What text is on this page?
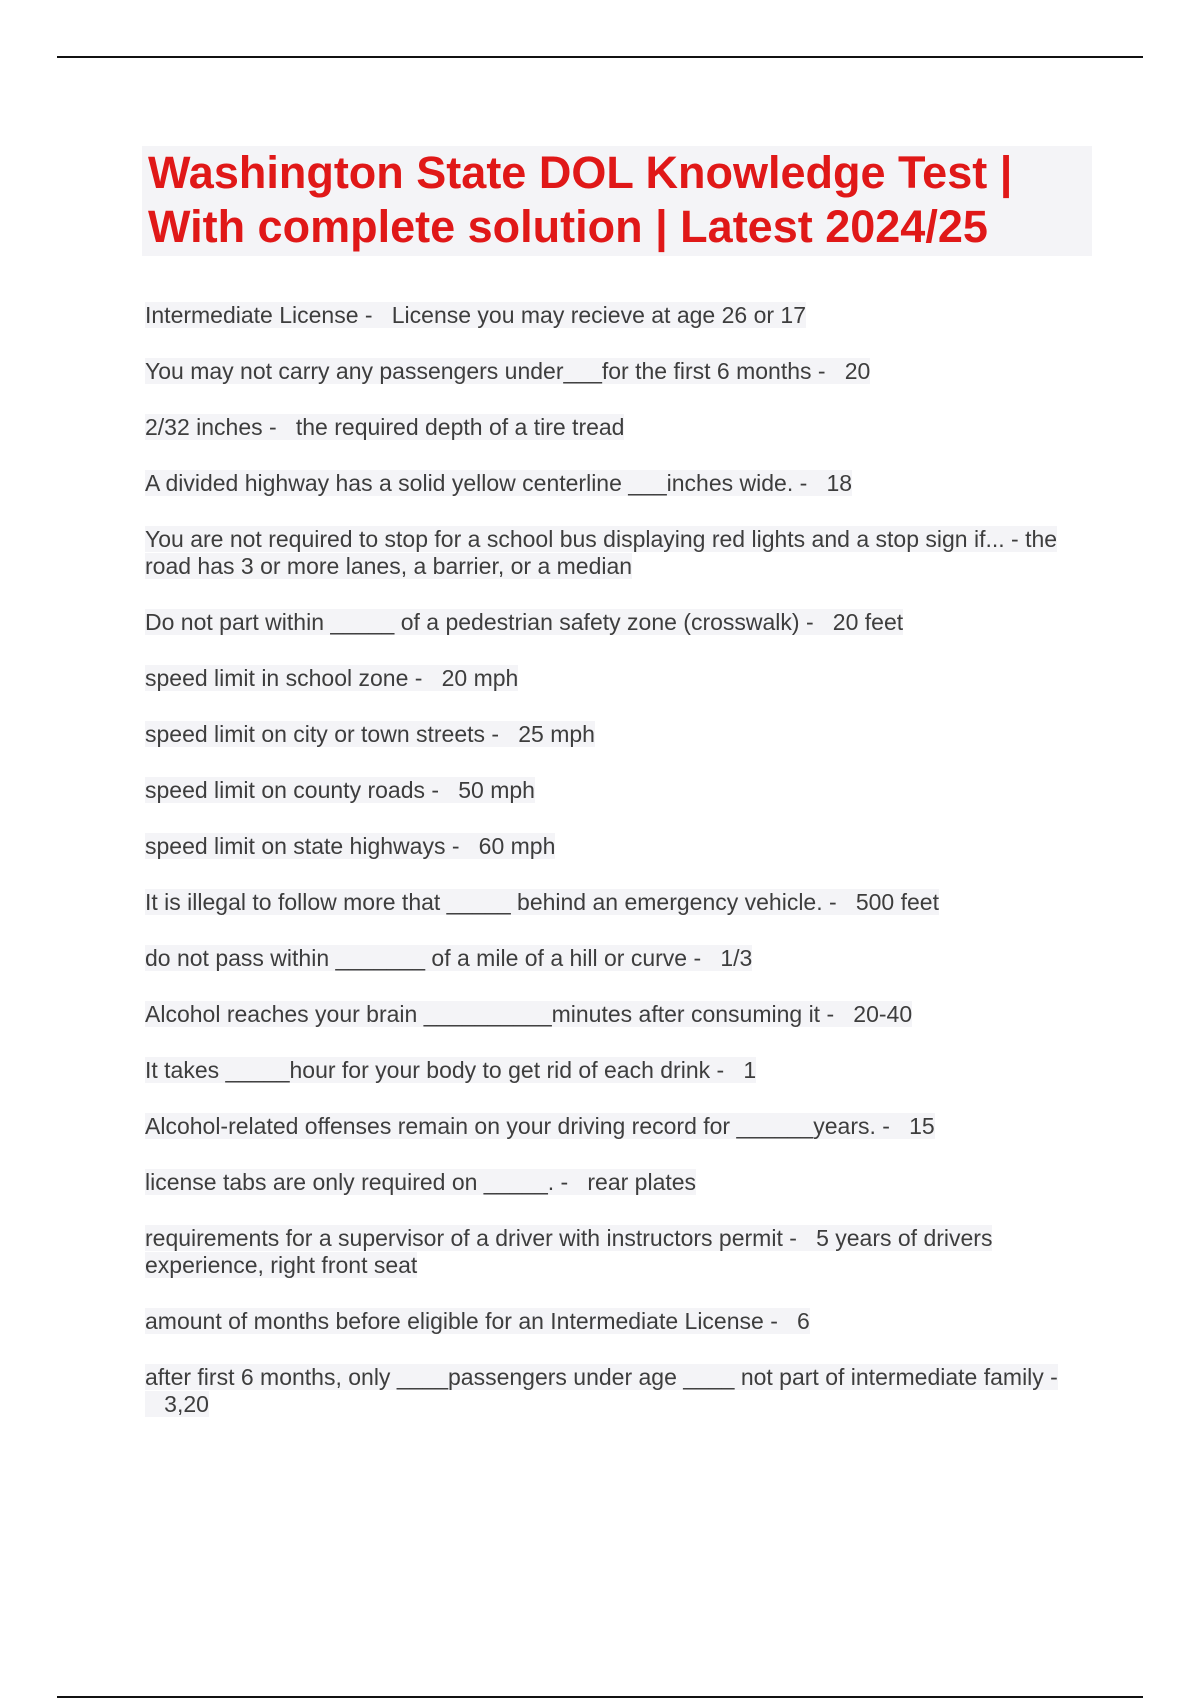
Washington State DOL Knowledge Test |
With complete solution | Latest 2024/25
Intermediate License - License you may recieve at age 26 or 17
You may not carry any passengers under___for the first 6 months - 20
2/32 inches - the required depth of a tire tread
A divided highway has a solid yellow centerline ___inches wide. - 18
You are not required to stop for a school bus displaying red lights and a stop sign if... - the road has 3 or more lanes, a barrier, or a median
Do not part within _____ of a pedestrian safety zone (crosswalk) - 20 feet
speed limit in school zone - 20 mph
speed limit on city or town streets - 25 mph
speed limit on county roads - 50 mph
speed limit on state highways - 60 mph
It is illegal to follow more that _____ behind an emergency vehicle. - 500 feet
do not pass within _______ of a mile of a hill or curve - 1/3
Alcohol reaches your brain __________minutes after consuming it - 20-40
It takes _____hour for your body to get rid of each drink - 1
Alcohol-related offenses remain on your driving record for ______years. - 15
license tabs are only required on _____. - rear plates
requirements for a supervisor of a driver with instructors permit - 5 years of drivers experience, right front seat
amount of months before eligible for an Intermediate License - 6
after first 6 months, only ____passengers under age ____ not part of intermediate family -   3,20
